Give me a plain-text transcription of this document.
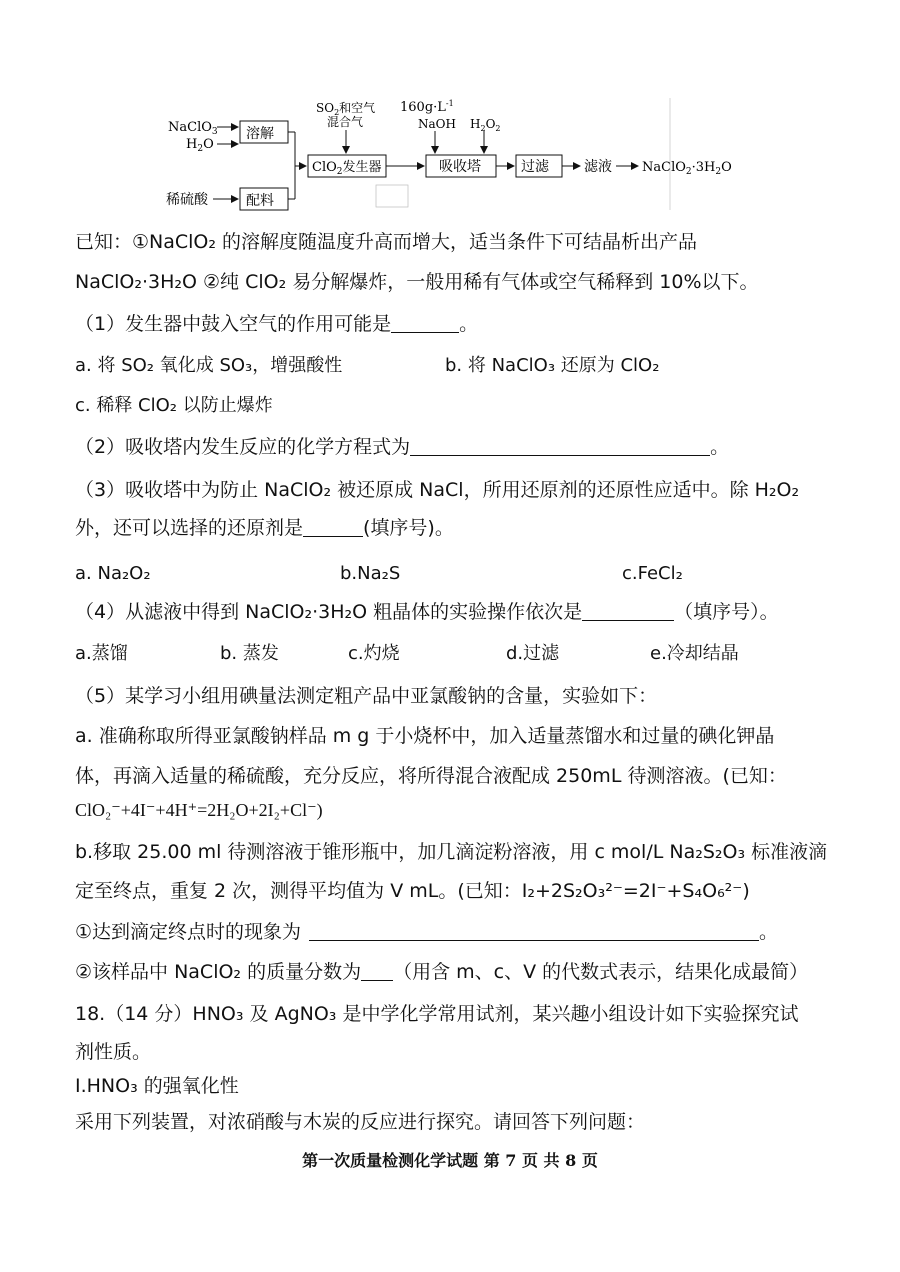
NaClO$_3$
$H_2O$
稀硫酸
溶解
配料
$SO_2$和空气
混合气
ClO$_2$发生器
$160g\cdot L^{-1}$
NaOH $H_2O_2$
吸收塔	过滤	滤液 $NaClO_2\cdot 3H_2O$
已知：①NaClO₂ 的溶解度随温度升高而增大，适当条件下可结晶析出产品
NaClO₂·3H₂O ②纯 ClO₂ 易分解爆炸，一般用稀有气体或空气稀释到 10%以下。
（1）发生器中鼓入空气的作用可能是	。
a. 将 SO₂ 氧化成 SO₃，增强酸性	b. 将 NaClO₃ 还原为 ClO₂
c. 稀释 ClO₂ 以防止爆炸
（2）吸收塔内发生反应的化学方程式为	。
（3）吸收塔中为防止 NaClO₂ 被还原成 NaCl，所用还原剂的还原性应适中。除 H₂O₂
外，还可以选择的还原剂是	(填序号)。
a. Na₂O₂	b.Na₂S	c.FeCl₂
（4）从滤液中得到 NaClO₂·3H₂O 粗晶体的实验操作依次是	（填序号）。
a.蒸馏	b. 蒸发	c.灼烧	d.过滤	e.冷却结晶
（5）某学习小组用碘量法测定粗产品中亚氯酸钠的含量，实验如下：
a. 准确称取所得亚氯酸钠样品 m g 于小烧杯中，加入适量蒸馏水和过量的碘化钾晶
体，再滴入适量的稀硫酸，充分反应，将所得混合液配成 250mL 待测溶液。(已知：
ClO₂⁻+4I⁻+4H⁺=2H₂O+2I₂+Cl⁻)
b.移取 25.00 ml 待测溶液于锥形瓶中，加几滴淀粉溶液，用 c mol/L Na₂S₂O₃ 标准液滴
定至终点，重复 2 次，测得平均值为 V mL。(已知：I₂+2S₂O₃²⁻=2I⁻+S₄O₆²⁻)
①达到滴定终点时的现象为	。
②该样品中 NaClO₂ 的质量分数为 （用含 m、c、V 的代数式表示，结果化成最简）
18.（14 分）HNO₃ 及 AgNO₃ 是中学化学常用试剂，某兴趣小组设计如下实验探究试
剂性质。
Ⅰ.HNO₃ 的强氧化性
采用下列装置，对浓硝酸与木炭的反应进行探究。请回答下列问题：
第一次质量检测化学试题 第 7 页 共 8 页
